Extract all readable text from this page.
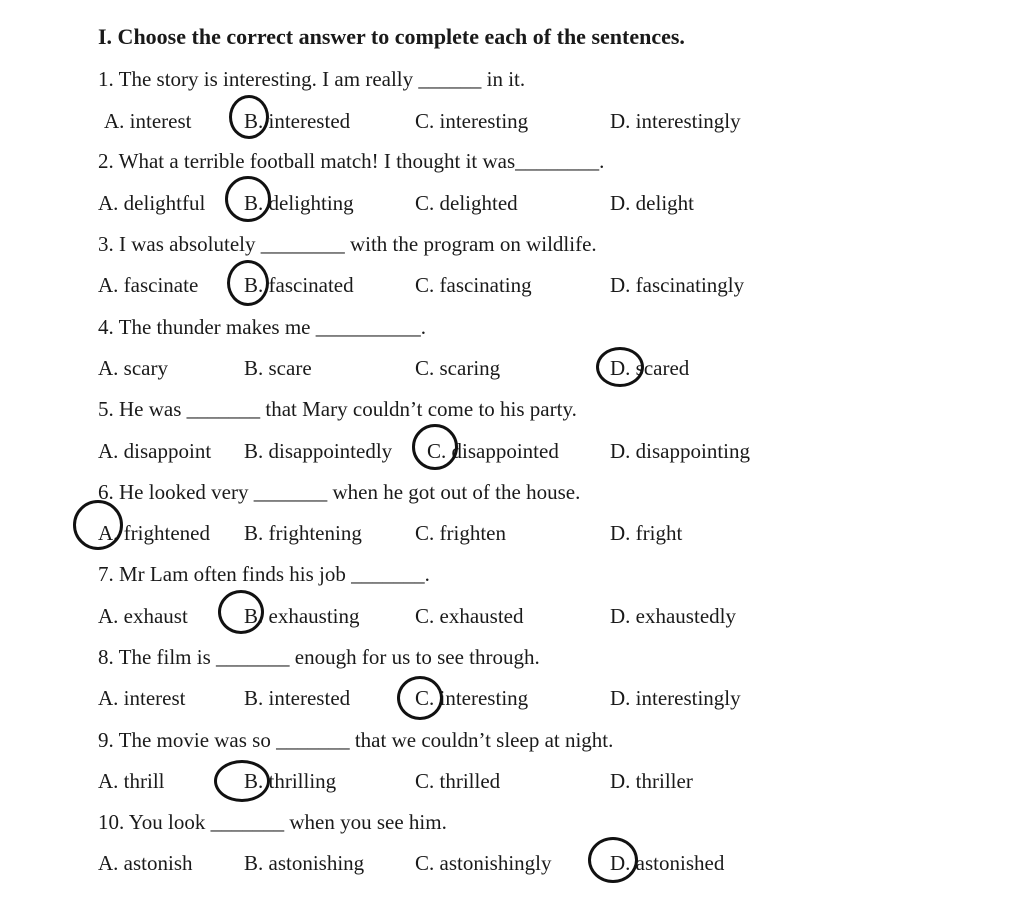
I. Choose the correct answer to complete each of the sentences.
1. The story is interesting. I am really ______ in it.
A. interest	B. interested	C. interesting	D. interestingly
2. What a terrible football match! I thought it was________.
A. delightful B. delighting	C. delighted	D. delight
3. I was absolutely ________ with the program on wildlife.
A. fascinate B. fascinated	C. fascinating	D. fascinatingly
4. The thunder makes me __________.
A. scary	B. scare	C. scaring	D. scared
5. He was _______ that Mary couldn’t come to his party.
A. disappoint B. disappointedly C. disappointed D. disappointing
6. He looked very _______ when he got out of the house.
A. frightened B. frightening	C. frighten	D. fright
7. Mr Lam often finds his job _______.
A. exhaust	B. exhausting	C. exhausted	D. exhaustedly
8. The film is _______ enough for us to see through.
A. interest	B. interested	C. interesting	D. interestingly
9. The movie was so _______ that we couldn’t sleep at night.
A. thrill	B. thrilling	C. thrilled	D. thriller
10. You look _______ when you see him.
A. astonish B. astonishing C. astonishingly	D. astonished
